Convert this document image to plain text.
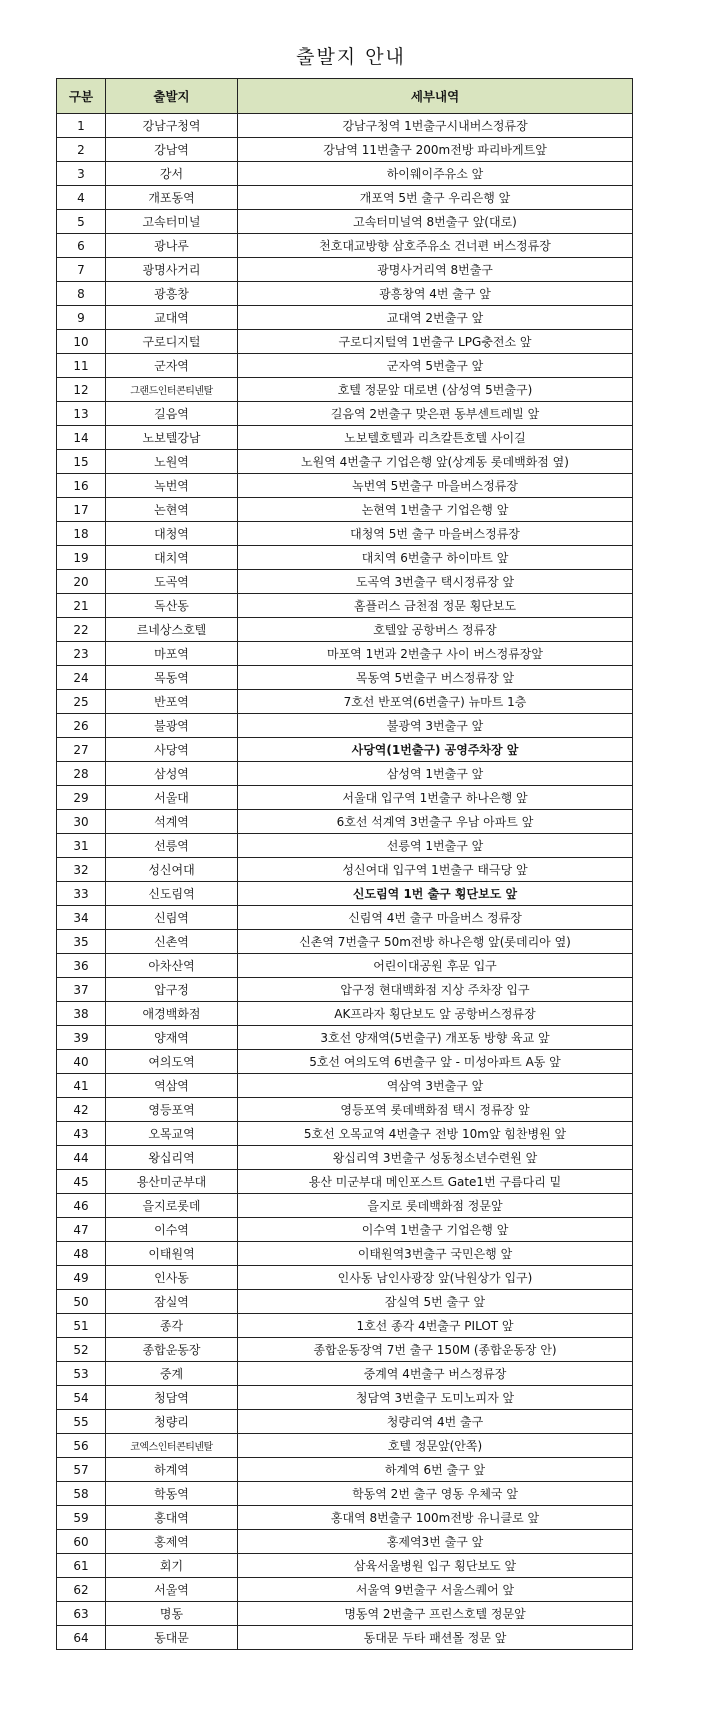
출발지 안내
구분	출발지	세부내역
1	강남구청역	강남구청역 1번출구시내버스정류장
2	강남역	강남역 11번출구 200m전방 파리바게트앞
3	강서	하이웨이주유소 앞
4	개포동역	개포역 5번 출구 우리은행 앞
5	고속터미널	고속터미널역 8번출구 앞(대로)
6	광나루	천호대교방향 삼호주유소 건너편 버스정류장
7	광명사거리	광명사거리역 8번출구
8	광흥창	광흥창역 4번 출구 앞
9	교대역	교대역 2번출구 앞
10	구로디지털	구로디지털역 1번출구 LPG충전소 앞
11	군자역	군자역 5번출구 앞
12	그랜드인터콘티넨탈	호텔 정문앞 대로변 (삼성역 5번출구)
13	길음역	길음역 2번출구 맞은편 동부센트레빌 앞
14	노보텔강남	노보텔호텔과 리츠칼튼호텔 사이길
15	노원역	노원역 4번출구 기업은행 앞(상계동 롯데백화점 옆)
16	녹번역	녹번역 5번출구 마을버스정류장
17	논현역	논현역 1번출구 기업은행 앞
18	대청역	대청역 5번 출구 마을버스정류장
19	대치역	대치역 6번출구 하이마트 앞
20	도곡역	도곡역 3번출구 택시정류장 앞
21	독산동	홈플러스 금천점 정문 횡단보도
22	르네상스호텔	호텔앞 공항버스 정류장
23	마포역	마포역 1번과 2번출구 사이 버스정류장앞
24	목동역	목동역 5번출구 버스정류장 앞
25	반포역	7호선 반포역(6번출구) 뉴마트 1층
26	불광역	불광역 3번출구 앞
27	사당역	사당역(1번출구) 공영주차장 앞
28	삼성역	삼성역 1번출구 앞
29	서울대	서울대 입구역 1번출구 하나은행 앞
30	석계역	6호선 석계역 3번출구 우남 아파트 앞
31	선릉역	선릉역 1번출구 앞
32	성신여대	성신여대 입구역 1번출구 태극당 앞
33	신도림역	신도림역 1번 출구 횡단보도 앞
34	신림역	신림역 4번 출구 마을버스 정류장
35	신촌역	신촌역 7번출구 50m전방 하나은행 앞(롯데리아 옆)
36	아차산역	어린이대공원 후문 입구
37	압구정	압구정 현대백화점 지상 주차장 입구
38	애경백화점	AK프라자 횡단보도 앞 공항버스정류장
39	양재역	3호선 양재역(5번출구) 개포동 방향 육교 앞
40	여의도역	5호선 여의도역 6번출구 앞 - 미성아파트 A동 앞
41	역삼역	역삼역 3번출구 앞
42	영등포역	영등포역 롯데백화점 택시 정류장 앞
43	오목교역	5호선 오목교역 4번출구 전방 10m앞 힘찬병원 앞
44	왕십리역	왕십리역 3번출구 성동청소년수련원 앞
45	용산미군부대	용산 미군부대 메인포스트 Gate1번 구름다리 밑
46	을지로롯데	을지로 롯데백화점 정문앞
47	이수역	이수역 1번출구 기업은행 앞
48	이태원역	이태원역3번출구 국민은행 앞
49	인사동	인사동 남인사광장 앞(낙원상가 입구)
50	잠실역	잠실역 5번 출구 앞
51	종각	1호선 종각 4번출구 PILOT 앞
52	종합운동장	종합운동장역 7번 출구 150M (종합운동장 안)
53	중계	중계역 4번출구 버스정류장
54	청담역	청담역 3번출구 도미노피자 앞
55	청량리	청량리역 4번 출구
56	코엑스인터콘티넨탈	호텔 정문앞(안쪽)
57	하계역	하계역 6번 출구 앞
58	학동역	학동역 2번 출구 영동 우체국 앞
59	홍대역	홍대역 8번출구 100m전방 유니클로 앞
60	홍제역	홍제역3번 출구 앞
61	회기	삼육서울병원 입구 횡단보도 앞
62	서울역	서울역 9번출구 서울스퀘어 앞
63	명동	명동역 2번출구 프린스호텔 정문앞
64	동대문	동대문 두타 패션몰 정문 앞
